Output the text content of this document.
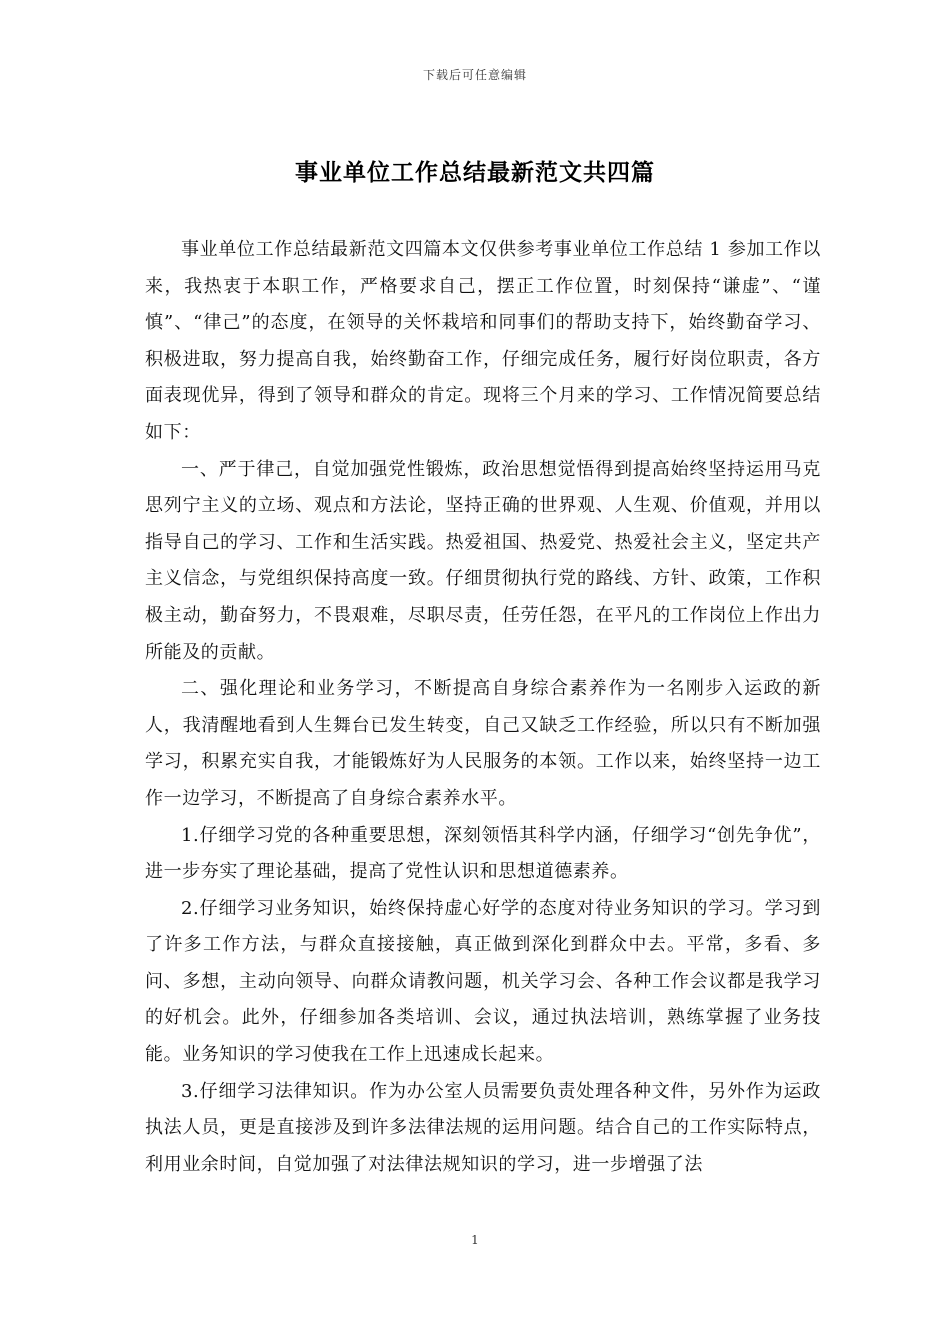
下载后可任意编辑
事业单位工作总结最新范文共四篇

事业单位工作总结最新范文四篇本文仅供参考事业单位工作总结 1 参加工作以来，我热衷于本职工作，严格要求自己，摆正工作位置，时刻保持“谦虚”、“谨慎”、“律己”的态度，在领导的关怀栽培和同事们的帮助支持下，始终勤奋学习、积极进取，努力提高自我，始终勤奋工作，仔细完成任务，履行好岗位职责，各方面表现优异，得到了领导和群众的肯定。现将三个月来的学习、工作情况简要总结如下：

一、严于律己，自觉加强党性锻炼，政治思想觉悟得到提高始终坚持运用马克思列宁主义的立场、观点和方法论，坚持正确的世界观、人生观、价值观，并用以指导自己的学习、工作和生活实践。热爱祖国、热爱党、热爱社会主义，坚定共产主义信念，与党组织保持高度一致。仔细贯彻执行党的路线、方针、政策，工作积极主动，勤奋努力，不畏艰难，尽职尽责，任劳任怨，在平凡的工作岗位上作出力所能及的贡献。

二、强化理论和业务学习，不断提高自身综合素养作为一名刚步入运政的新人，我清醒地看到人生舞台已发生转变，自己又缺乏工作经验，所以只有不断加强学习，积累充实自我，才能锻炼好为人民服务的本领。工作以来，始终坚持一边工作一边学习，不断提高了自身综合素养水平。

1.仔细学习党的各种重要思想，深刻领悟其科学内涵，仔细学习“创先争优”，进一步夯实了理论基础，提高了党性认识和思想道德素养。

2.仔细学习业务知识，始终保持虚心好学的态度对待业务知识的学习。学习到了许多工作方法，与群众直接接触，真正做到深化到群众中去。平常，多看、多问、多想，主动向领导、向群众请教问题，机关学习会、各种工作会议都是我学习的好机会。此外，仔细参加各类培训、会议，通过执法培训，熟练掌握了业务技能。业务知识的学习使我在工作上迅速成长起来。

3.仔细学习法律知识。作为办公室人员需要负责处理各种文件，另外作为运政执法人员，更是直接涉及到许多法律法规的运用问题。结合自己的工作实际特点，利用业余时间，自觉加强了对法律法规知识的学习，进一步增强了法

1
